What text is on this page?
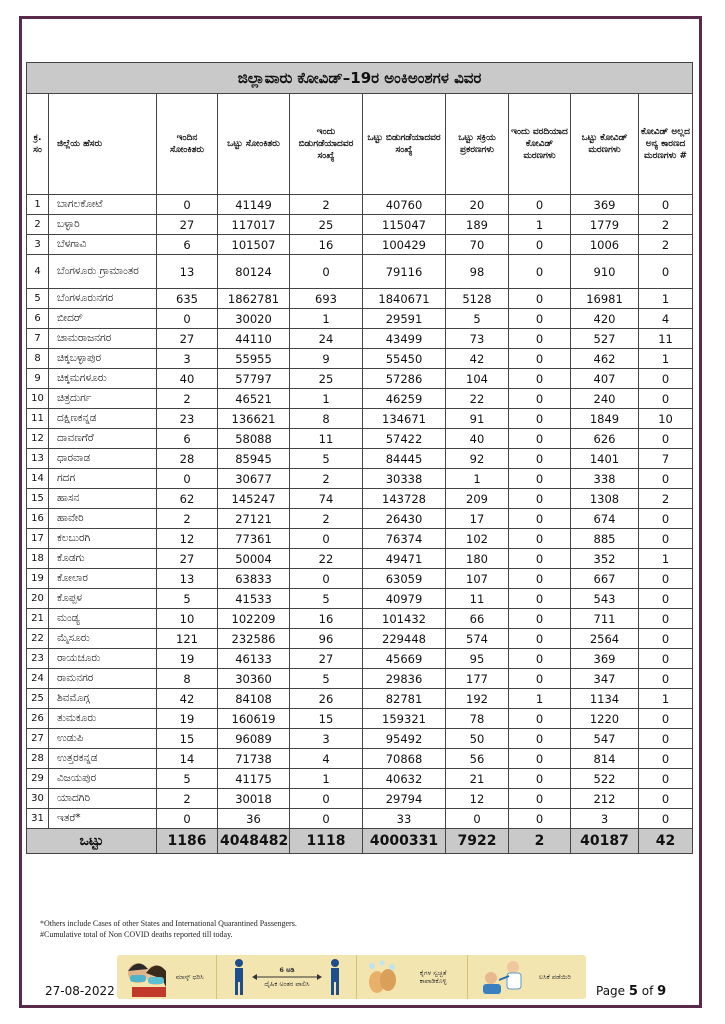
ಜಿಲ್ಲಾವಾರು ಕೋವಿಡ್–19ರ ಅಂಕಿಅಂಶಗಳ ವಿವರ									
ಕ್ರ. ಸಂ	ಜಿಲ್ಲೆಯ ಹೆಸರು	ಇಂದಿನ ಸೋಂಕಿತರು	ಒಟ್ಟು ಸೋಂಕಿತರು	ಇಂದು ಬಿಡುಗಡೆಯಾದವರ ಸಂಖ್ಯೆ	ಒಟ್ಟು ಬಿಡುಗಡೆಯಾದವರ ಸಂಖ್ಯೆ	ಒಟ್ಟು ಸಕ್ರಿಯ ಪ್ರಕರಣಗಳು	ಇಂದು ವರದಿಯಾದ ಕೋವಿಡ್ ಮರಣಗಳು	ಒಟ್ಟು ಕೋವಿಡ್ ಮರಣಗಳು	ಕೋವಿಡ್ ಅಲ್ಲದ ಅನ್ಯ ಕಾರಣದ ಮರಣಗಳು #
1	ಬಾಗಲಕೋಟೆ	0	41149	2	40760	20	0	369	0
2	ಬಳ್ಳಾರಿ	27	117017	25	115047	189	1	1779	2
3	ಬೆಳಗಾವಿ	6	101507	16	100429	70	0	1006	2
4	ಬೆಂಗಳೂರು ಗ್ರಾಮಾಂತರ	13	80124	0	79116	98	0	910	0
5	ಬೆಂಗಳೂರುನಗರ	635	1862781	693	1840671	5128	0	16981	1
6	ಬೀದರ್	0	30020	1	29591	5	0	420	4
7	ಚಾಮರಾಜನಗರ	27	44110	24	43499	73	0	527	11
8	ಚಿಕ್ಕಬಳ್ಳಾಪುರ	3	55955	9	55450	42	0	462	1
9	ಚಿಕ್ಕಮಗಳೂರು	40	57797	25	57286	104	0	407	0
10	ಚಿತ್ರದುರ್ಗ	2	46521	1	46259	22	0	240	0
11	ದಕ್ಷಿಣಕನ್ನಡ	23	136621	8	134671	91	0	1849	10
12	ದಾವಣಗೆರೆ	6	58088	11	57422	40	0	626	0
13	ಧಾರವಾಡ	28	85945	5	84445	92	0	1401	7
14	ಗದಗ	0	30677	2	30338	1	0	338	0
15	ಹಾಸನ	62	145247	74	143728	209	0	1308	2
16	ಹಾವೇರಿ	2	27121	2	26430	17	0	674	0
17	ಕಲಬುರಗಿ	12	77361	0	76374	102	0	885	0
18	ಕೊಡಗು	27	50004	22	49471	180	0	352	1
19	ಕೋಲಾರ	13	63833	0	63059	107	0	667	0
20	ಕೊಪ್ಪಳ	5	41533	5	40979	11	0	543	0
21	ಮಂಡ್ಯ	10	102209	16	101432	66	0	711	0
22	ಮೈಸೂರು	121	232586	96	229448	574	0	2564	0
23	ರಾಯಚೂರು	19	46133	27	45669	95	0	369	0
24	ರಾಮನಗರ	8	30360	5	29836	177	0	347	0
25	ಶಿವಮೊಗ್ಗ	42	84108	26	82781	192	1	1134	1
26	ತುಮಕೂರು	19	160619	15	159321	78	0	1220	0
27	ಉಡುಪಿ	15	96089	3	95492	50	0	547	0
28	ಉತ್ತರಕನ್ನಡ	14	71738	4	70868	56	0	814	0
29	ವಿಜಯಪುರ	5	41175	1	40632	21	0	522	0
30	ಯಾದಗಿರಿ	2	30018	0	29794	12	0	212	0
31	ಇತರೆ*	0	36	0	33	0	0	3	0
ಒಟ್ಟು		1186	4048482	1118	4000331	7922	2	40187	42
*Others include Cases of other States and International Quarantined Passengers.
#Cumulative total of Non COVID deaths reported till today.
ಮಾಸ್ಕ್ ಧರಿಸಿ
6 ಅಡಿ
ದೈಹಿಕ ಅಂತರ ಪಾಲಿಸಿ
ಕೈಗಳ ಸ್ವಚ್ಛತೆ ಕಾಪಾಡಿಕೊಳ್ಳಿ	ಲಸಿಕೆ ಪಡೆಯಿರಿ
27-08-2022	Page 5 of 9
